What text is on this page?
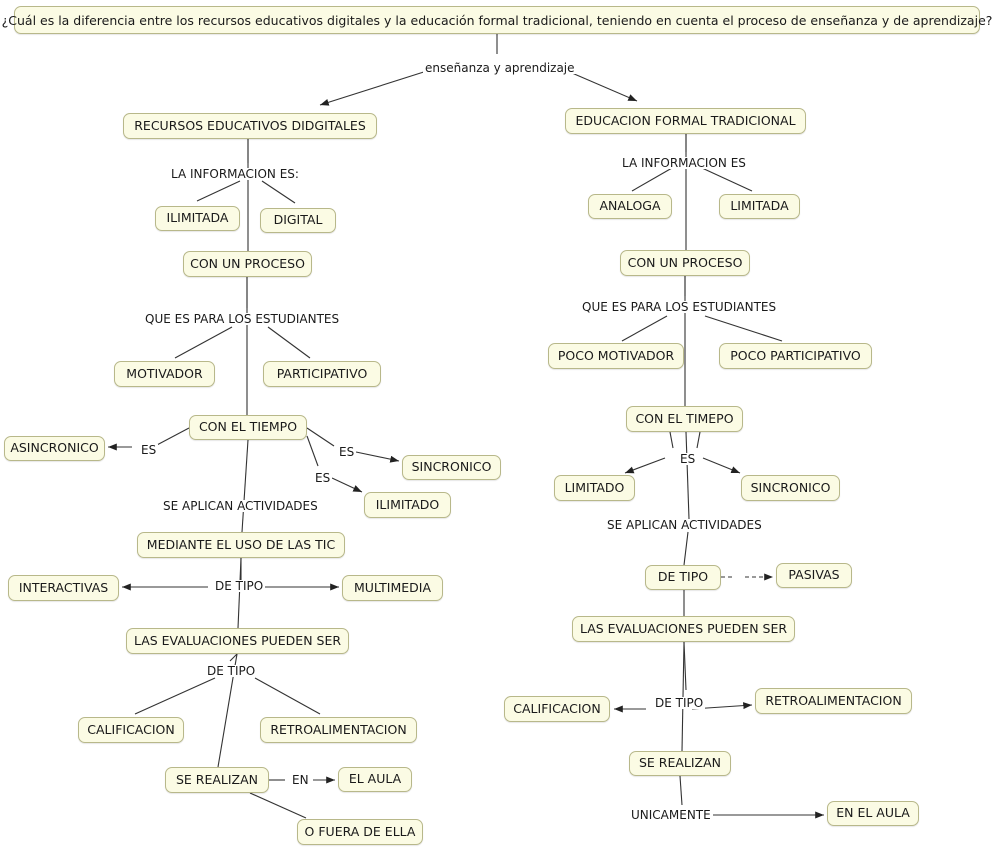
¿Cuál es la diferencia entre los recursos educativos digitales y la educación formal tradicional, teniendo en cuenta el proceso de enseñanza y de aprendizaje?
enseñanza y aprendizaje
LA INFORMACION ES:
QUE ES PARA LOS ESTUDIANTES
ES	ES
ES
SE APLICAN ACTIVIDADES
DE TIPO
DE TIPO
EN
LA INFORMACION ES
QUE ES PARA LOS ESTUDIANTES
ES
SE APLICAN ACTIVIDADES
DE TIPO
UNICAMENTE
RECURSOS EDUCATIVOS DIDGITALES
ILIMITADA	DIGITAL
CON UN PROCESO
MOTIVADOR	PARTICIPATIVO
CON EL TIEMPO
ASINCRONICO
SINCRONICO
ILIMITADO
MEDIANTE EL USO DE LAS TIC
INTERACTIVAS	MULTIMEDIA
LAS EVALUACIONES PUEDEN SER
CALIFICACION	RETROALIMENTACION
SE REALIZAN	EL AULA
O FUERA DE ELLA
EDUCACION FORMAL TRADICIONAL
ANALOGA	LIMITADA
CON UN PROCESO
POCO MOTIVADOR	POCO PARTICIPATIVO
CON EL TIMEPO
LIMITADO	SINCRONICO
DE TIPO	PASIVAS
LAS EVALUACIONES PUEDEN SER
CALIFICACION
RETROALIMENTACION
SE REALIZAN
EN EL AULA
